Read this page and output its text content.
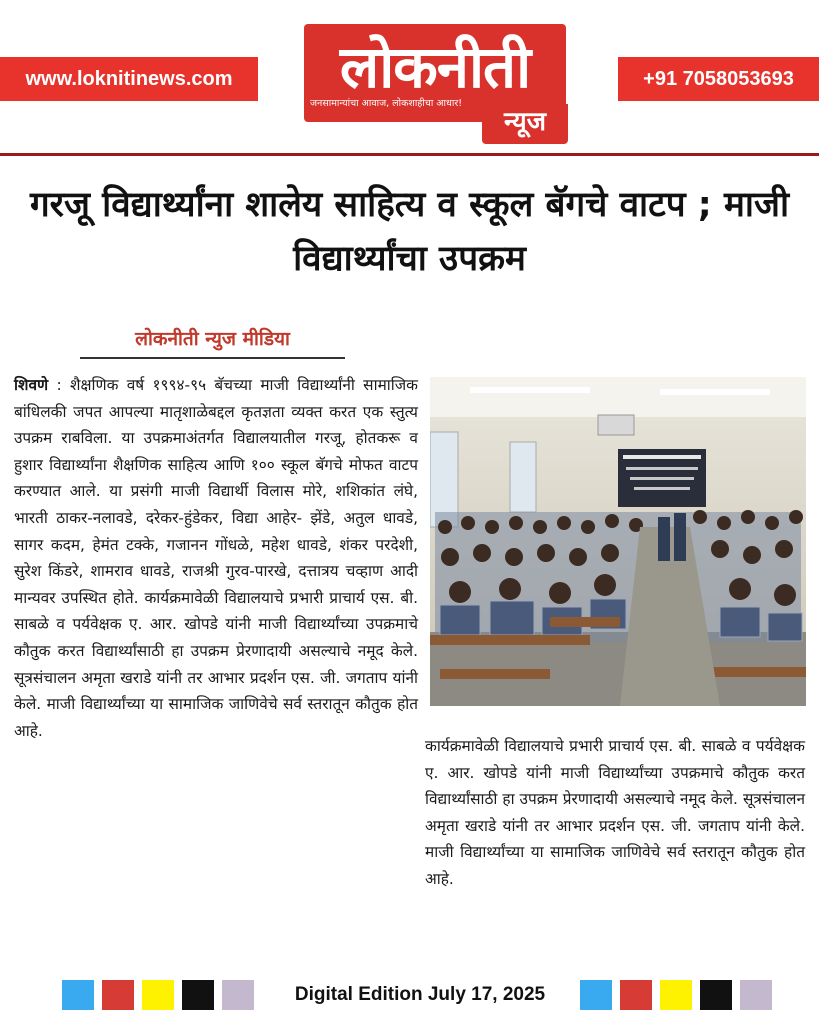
www.loknitinews.com	लोकनीती
जनसामान्यांचा आवाज, लोकशाहीचा आधार!
न्यूज
+91 7058053693
गरजू विद्यार्थ्यांना शालेय साहित्य व स्कूल बॅगचे वाटप ; माजी विद्यार्थ्यांचा उपक्रम
लोकनीती न्युज मीडिया
शिवणे : शैक्षणिक वर्ष १९९४-९५ बॅचच्या माजी विद्यार्थ्यांनी सामाजिक बांधिलकी जपत आपल्या मातृशाळेबद्दल कृतज्ञता व्यक्त करत एक स्तुत्य उपक्रम राबविला. या उपक्रमाअंतर्गत विद्यालयातील गरजू, होतकरू व हुशार विद्यार्थ्यांना शैक्षणिक साहित्य आणि १०० स्कूल बॅगचे मोफत वाटप करण्यात आले. या प्रसंगी माजी विद्यार्थी विलास मोरे, शशिकांत लंघे, भारती ठाकर-नलावडे, दरेकर-हुंडेकर, विद्या आहेर- झेंडे, अतुल धावडे, सागर कदम, हेमंत टक्के, गजानन गोंधळे, महेश धावडे, शंकर परदेशी, सुरेश किंडरे, शामराव धावडे, राजश्री गुरव-पारखे, दत्तात्रय चव्हाण आदी मान्यवर उपस्थित होते. कार्यक्रमावेळी विद्यालयाचे प्रभारी प्राचार्य एस. बी. साबळे व पर्यवेक्षक ए. आर. खोपडे यांनी माजी विद्यार्थ्यांच्या उपक्रमाचे कौतुक करत विद्यार्थ्यांसाठी हा उपक्रम प्रेरणादायी असल्याचे नमूद केले. सूत्रसंचालन अमृता खराडे यांनी तर आभार प्रदर्शन एस. जी. जगताप यांनी केले. माजी विद्यार्थ्यांच्या या सामाजिक जाणिवेचे सर्व स्तरातून कौतुक होत आहे.
कार्यक्रमावेळी विद्यालयाचे प्रभारी प्राचार्य एस. बी. साबळे व पर्यवेक्षक ए. आर. खोपडे यांनी माजी विद्यार्थ्यांच्या उपक्रमाचे कौतुक करत विद्यार्थ्यांसाठी हा उपक्रम प्रेरणादायी असल्याचे नमूद केले. सूत्रसंचालन अमृता खराडे यांनी तर आभार प्रदर्शन एस. जी. जगताप यांनी केले. माजी विद्यार्थ्यांच्या या सामाजिक जाणिवेचे सर्व स्तरातून कौतुक होत आहे.
Digital Edition July 17, 2025
